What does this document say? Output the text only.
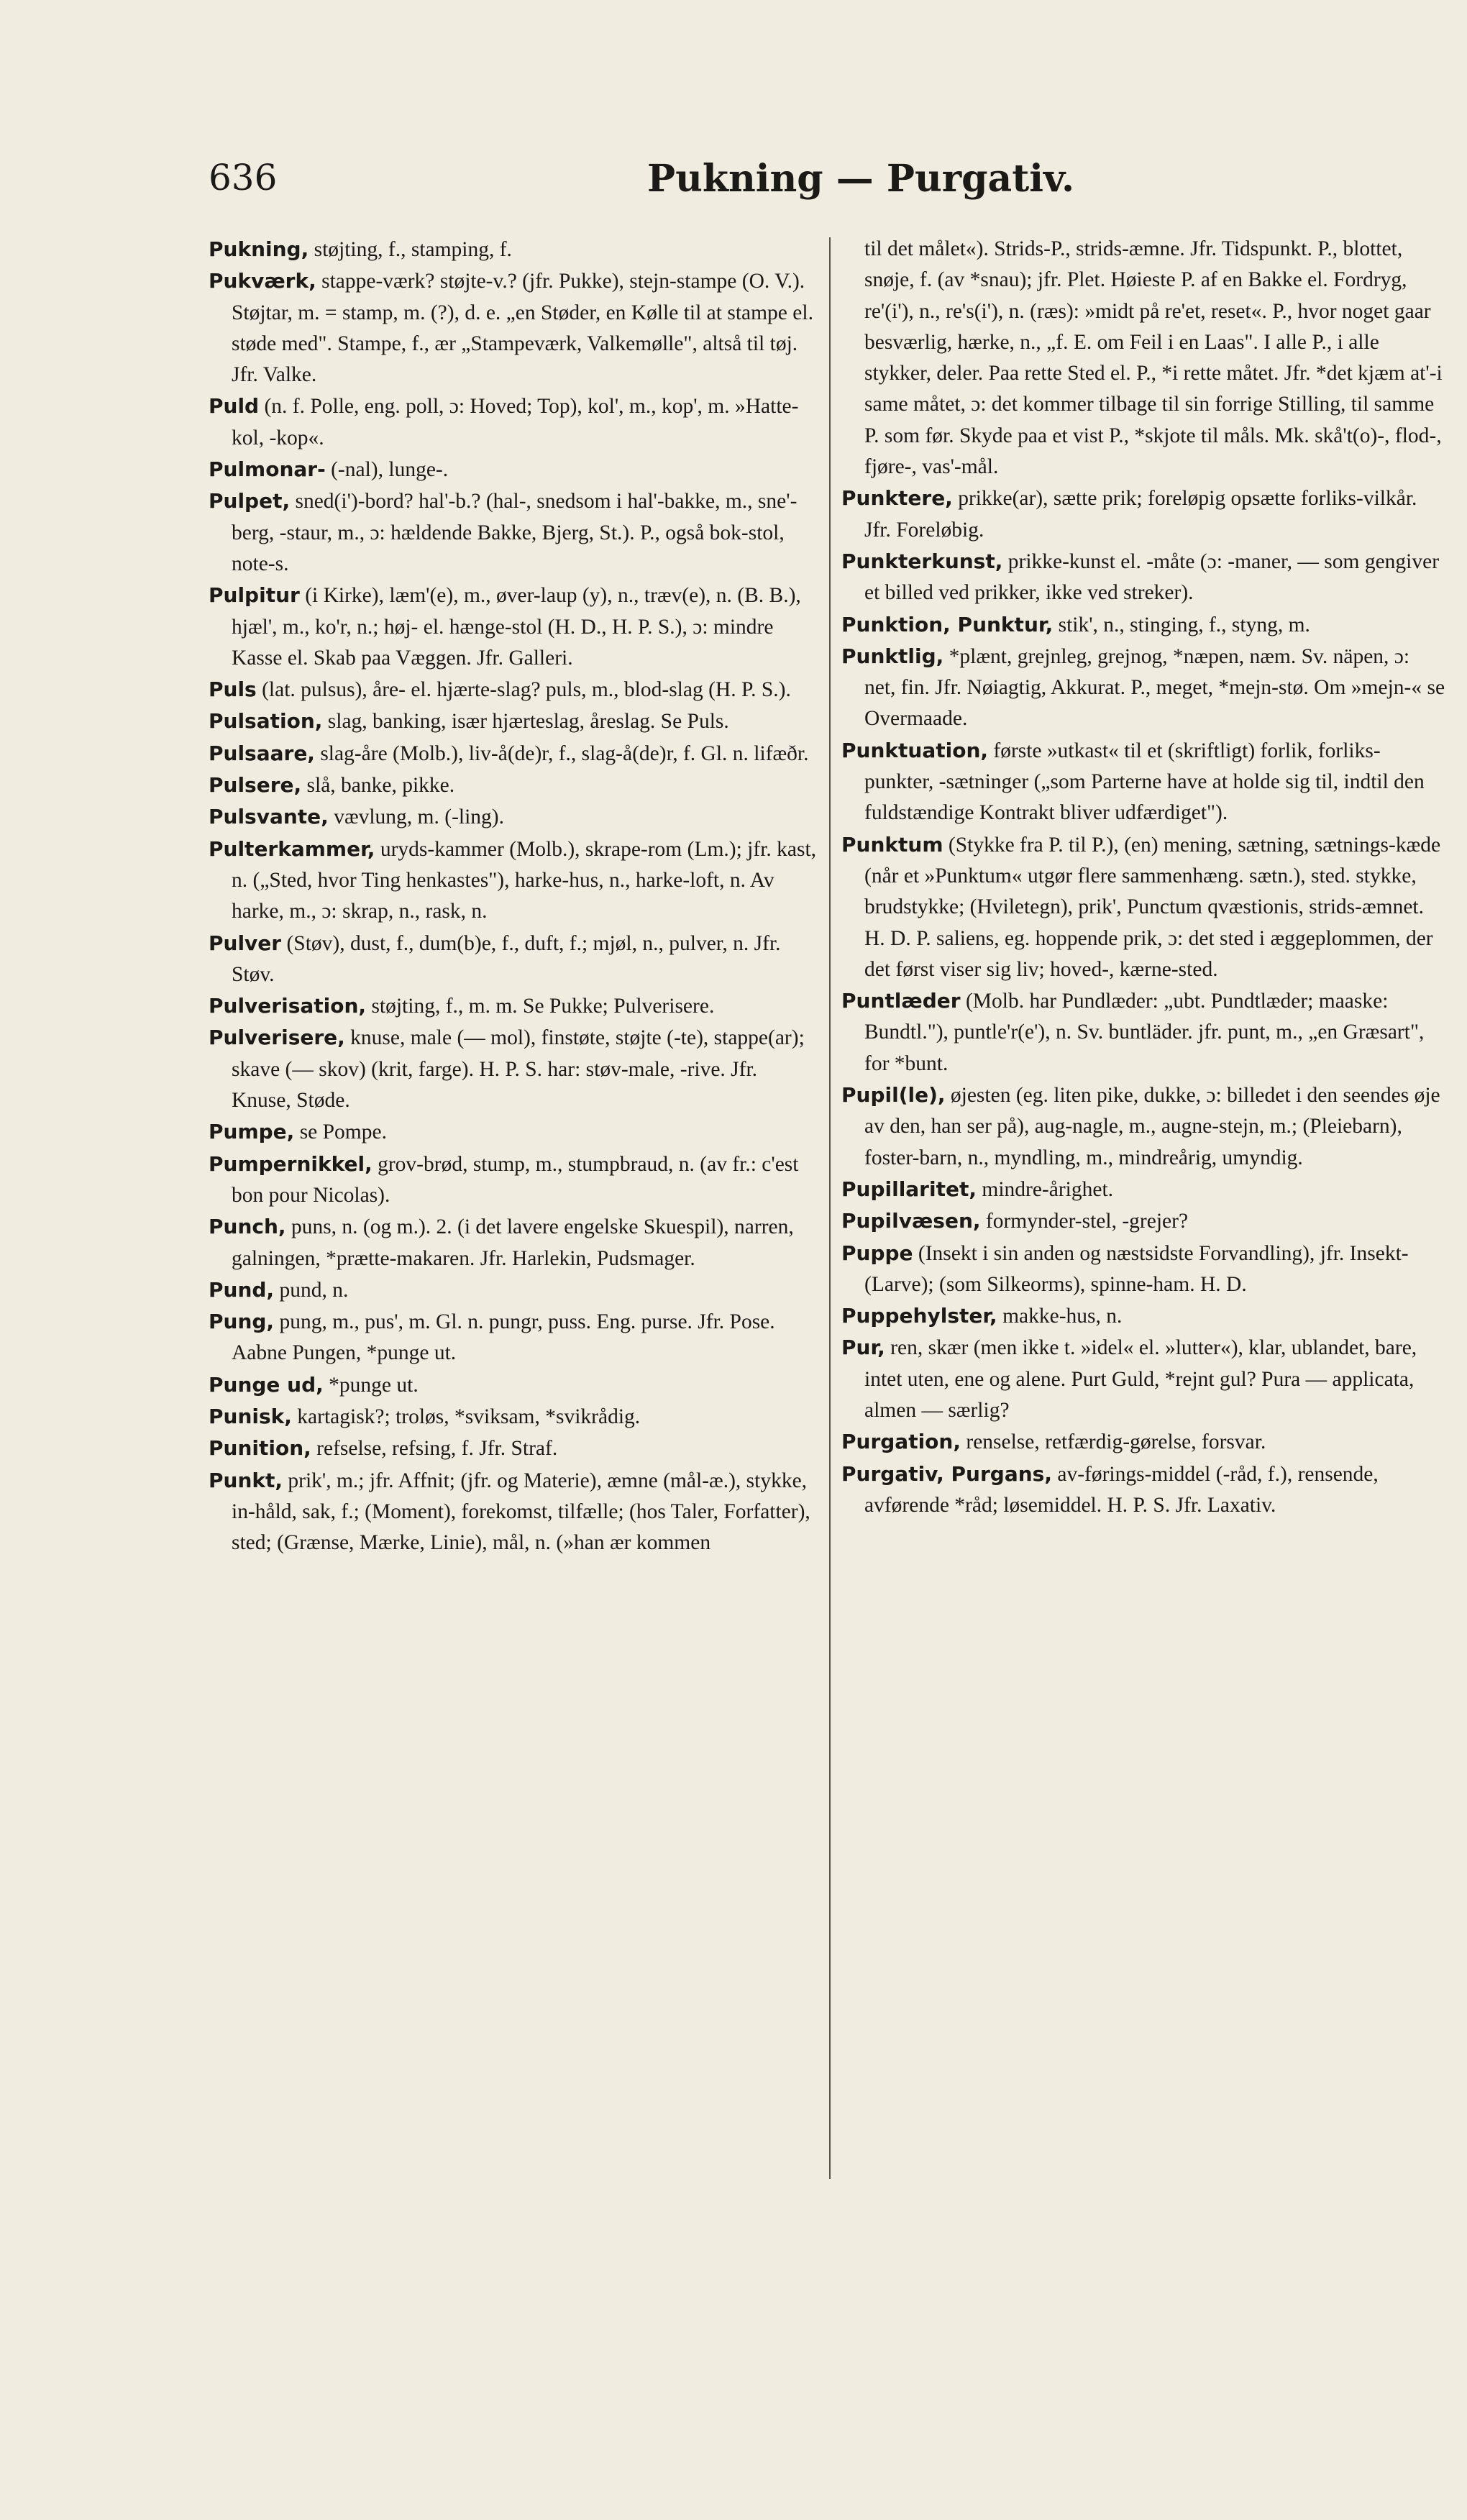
636	Pukning — Purgativ.

Pukning, støjting, f., stamping, f.

Pukværk, stappe-værk? støjte-v.? (jfr. Pukke), stejn-stampe (O. V.). Støjtar, m. = stamp, m. (?), d. e. „en Støder, en Kølle til at stampe el. støde med". Stampe, f., ær „Stampeværk, Valkemølle", altså til tøj. Jfr. Valke.

Puld (n. f. Polle, eng. poll, ɔ: Hoved; Top), kol', m., kop', m. »Hatte-kol, -kop«.

Pulmonar- (-nal), lunge-.

Pulpet, sned(i')-bord? hal'-b.? (hal-, snedsom i hal'-bakke, m., sne'-berg, -staur, m., ɔ: hældende Bakke, Bjerg, St.). P., også bok-stol, note-s.

Pulpitur (i Kirke), læm'(e), m., øver-laup (y), n., træv(e), n. (B. B.), hjæl', m., ko'r, n.; høj- el. hænge-stol (H. D., H. P. S.), ɔ: mindre Kasse el. Skab paa Væggen. Jfr. Galleri.

Puls (lat. pulsus), åre- el. hjærte-slag? puls, m., blod-slag (H. P. S.).

Pulsation, slag, banking, især hjærteslag, åreslag. Se Puls.

Pulsaare, slag-åre (Molb.), liv-å(de)r, f., slag-å(de)r, f. Gl. n. lifæðr.

Pulsere, slå, banke, pikke.

Pulsvante, vævlung, m. (-ling).

Pulterkammer, uryds-kammer (Molb.), skrape-rom (Lm.); jfr. kast, n. („Sted, hvor Ting henkastes"), harke-hus, n., harke-loft, n. Av harke, m., ɔ: skrap, n., rask, n.

Pulver (Støv), dust, f., dum(b)e, f., duft, f.; mjøl, n., pulver, n. Jfr. Støv.

Pulverisation, støjting, f., m. m. Se Pukke; Pulverisere.

Pulverisere, knuse, male (— mol), finstøte, støjte (-te), stappe(ar); skave (— skov) (krit, farge). H. P. S. har: støv-male, -rive. Jfr. Knuse, Støde.

Pumpe, se Pompe.

Pumpernikkel, grov-brød, stump, m., stumpbraud, n. (av fr.: c'est bon pour Nicolas).

Punch, puns, n. (og m.). 2. (i det lavere engelske Skuespil), narren, galningen, *prætte-makaren. Jfr. Harlekin, Pudsmager.

Pund, pund, n.

Pung, pung, m., pus', m. Gl. n. pungr, puss. Eng. purse. Jfr. Pose. Aabne Pungen, *punge ut.

Punge ud, *punge ut.

Punisk, kartagisk?; troløs, *sviksam, *svikrådig.

Punition, refselse, refsing, f. Jfr. Straf.

Punkt, prik', m.; jfr. Affnit; (jfr. og Materie), æmne (mål-æ.), stykke, in-håld, sak, f.; (Moment), forekomst, tilfælle; (hos Taler, Forfatter), sted; (Grænse, Mærke, Linie), mål, n. (»han ær kommen

til det målet«). Strids-P., strids-æmne. Jfr. Tidspunkt. P., blottet, snøje, f. (av *snau); jfr. Plet. Høieste P. af en Bakke el. Fordryg, re'(i'), n., re's(i'), n. (ræs): »midt på re'et, reset«. P., hvor noget gaar besværlig, hærke, n., „f. E. om Feil i en Laas". I alle P., i alle stykker, deler. Paa rette Sted el. P., *i rette måtet. Jfr. *det kjæm at'-i same måtet, ɔ: det kommer tilbage til sin forrige Stilling, til samme P. som før. Skyde paa et vist P., *skjote til måls. Mk. skå't(o)-, flod-, fjøre-, vas'-mål.

Punktere, prikke(ar), sætte prik; foreløpig opsætte forliks-vilkår. Jfr. Foreløbig.

Punkterkunst, prikke-kunst el. -måte (ɔ: -maner, — som gengiver et billed ved prikker, ikke ved streker).

Punktion, Punktur, stik', n., stinging, f., styng, m.

Punktlig, *plænt, grejnleg, grejnog, *næpen, næm. Sv. näpen, ɔ: net, fin. Jfr. Nøiagtig, Akkurat. P., meget, *mejn-stø. Om »mejn-« se Overmaade.

Punktuation, første »utkast« til et (skriftligt) forlik, forliks-punkter, -sætninger („som Parterne have at holde sig til, indtil den fuldstændige Kontrakt bliver udfærdiget").

Punktum (Stykke fra P. til P.), (en) mening, sætning, sætnings-kæde (når et »Punktum« utgør flere sammenhæng. sætn.), sted. stykke, brudstykke; (Hviletegn), prik', Punctum qvæstionis, strids-æmnet. H. D. P. saliens, eg. hoppende prik, ɔ: det sted i æggeplommen, der det først viser sig liv; hoved-, kærne-sted.

Puntlæder (Molb. har Pundlæder: „ubt. Pundtlæder; maaske: Bundtl."), puntle'r(e'), n. Sv. buntläder. jfr. punt, m., „en Græsart", for *bunt.

Pupil(le), øjesten (eg. liten pike, dukke, ɔ: billedet i den seendes øje av den, han ser på), aug-nagle, m., augne-stejn, m.; (Pleiebarn), foster-barn, n., myndling, m., mindreårig, umyndig.

Pupillaritet, mindre-årighet.

Pupilvæsen, formynder-stel, -grejer?

Puppe (Insekt i sin anden og næstsidste Forvandling), jfr. Insekt-(Larve); (som Silkeorms), spinne-ham. H. D.

Puppehylster, makke-hus, n.

Pur, ren, skær (men ikke t. »idel« el. »lutter«), klar, ublandet, bare, intet uten, ene og alene. Purt Guld, *rejnt gul? Pura — applicata, almen — særlig?

Purgation, renselse, retfærdig-gørelse, forsvar.

Purgativ, Purgans, av-førings-middel (-råd, f.), rensende, avførende *råd; løsemiddel. H. P. S. Jfr. Laxativ.
